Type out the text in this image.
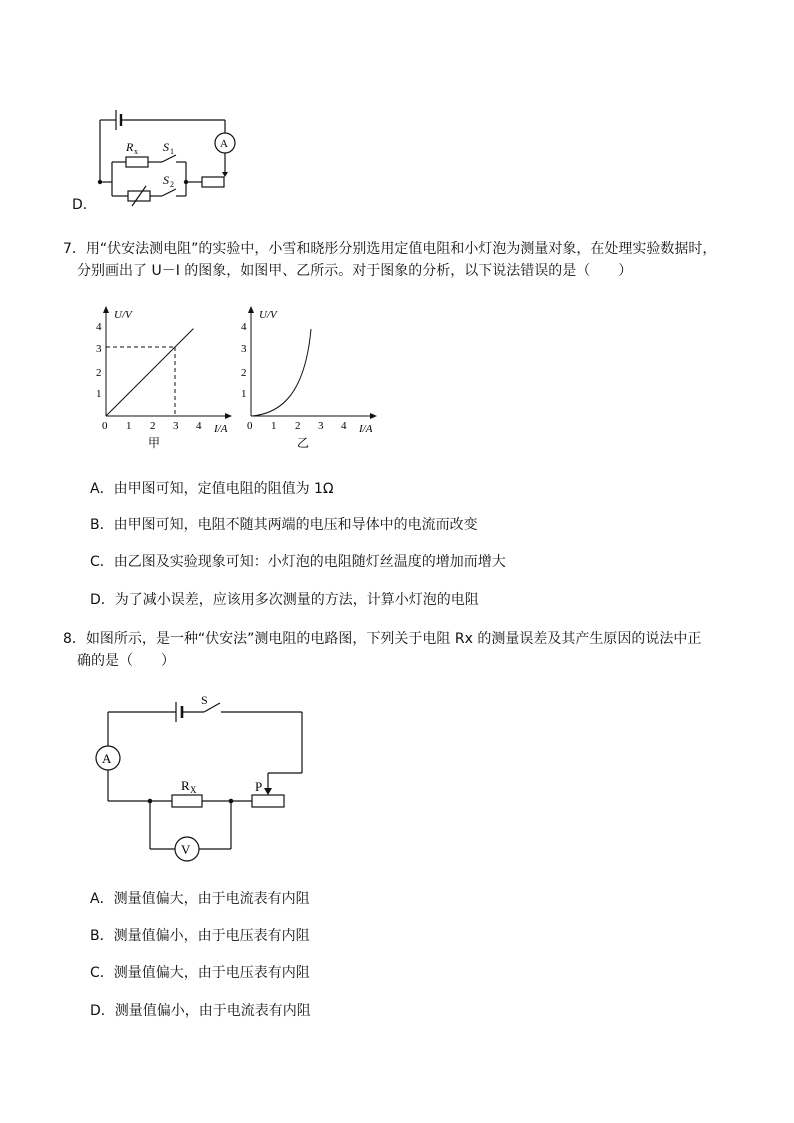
A
R x S 1
S 2
D．
7．用“伏安法测电阻”的实验中，小雪和晓彤分别选用定值电阻和小灯泡为测量对象，在处理实验数据时，
分别画出了 U－I 的图象，如图甲、乙所示。对于图象的分析，以下说法错误的是（　　）
U/V
I/A
0 1 2 3 4
1
2
3
4
甲
U/V
I/A
0 1 2 3 4
1
2
3
4
乙
A．由甲图可知，定值电阻的阻值为 1Ω
B．由甲图可知，电阻不随其两端的电压和导体中的电流而改变
C．由乙图及实验现象可知：小灯泡的电阻随灯丝温度的增加而增大
D．为了减小误差，应该用多次测量的方法，计算小灯泡的电阻
8．如图所示，是一种“伏安法”测电阻的电路图，下列关于电阻 Rx 的测量误差及其产生原因的说法中正
确的是（　　）
S
A
V
R X	P
A．测量值偏大，由于电流表有内阻
B．测量值偏小，由于电压表有内阻
C．测量值偏大，由于电压表有内阻
D．测量值偏小，由于电流表有内阻
